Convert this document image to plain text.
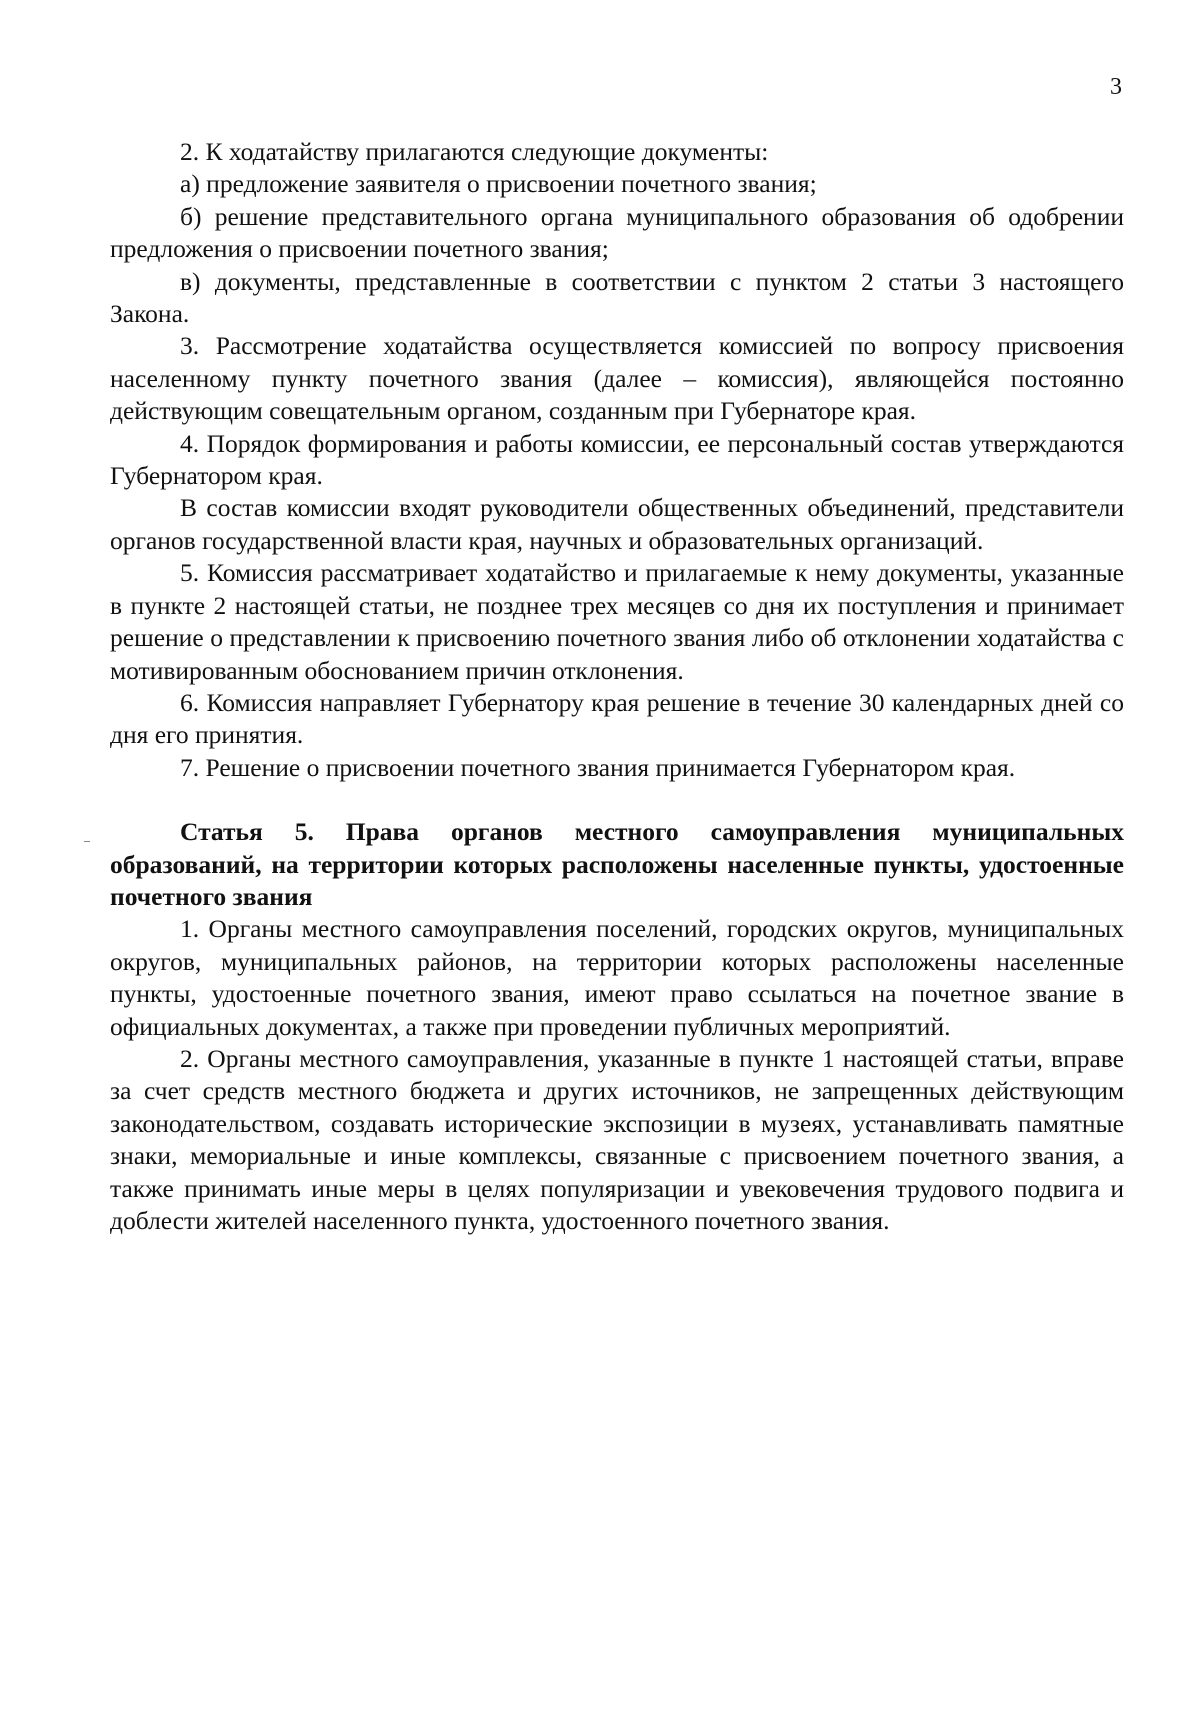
3

2. К ходатайству прилагаются следующие документы:

а) предложение заявителя о присвоении почетного звания;

б) решение представительного органа муниципального образования об одобрении предложения о присвоении почетного звания;

в) документы, представленные в соответствии с пунктом 2 статьи 3 настоящего Закона.

3. Рассмотрение ходатайства осуществляется комиссией по вопросу присвоения населенному пункту почетного звания (далее – комиссия), являющейся постоянно действующим совещательным органом, созданным при Губернаторе края.

4. Порядок формирования и работы комиссии, ее персональный состав утверждаются Губернатором края.

В состав комиссии входят руководители общественных объединений, представители органов государственной власти края, научных и образовательных организаций.

5. Комиссия рассматривает ходатайство и прилагаемые к нему документы, указанные в пункте 2 настоящей статьи, не позднее трех месяцев со дня их поступления и принимает решение о представлении к присвоению почетного звания либо об отклонении ходатайства с мотивированным обоснованием причин отклонения.

6. Комиссия направляет Губернатору края решение в течение 30 календарных дней со дня его принятия.

7. Решение о присвоении почетного звания принимается Губернатором края.

Статья 5. Права органов местного самоуправления муниципальных образований, на территории которых расположены населенные пункты, удостоенные почетного звания

1. Органы местного самоуправления поселений, городских округов, муниципальных округов, муниципальных районов, на территории которых расположены населенные пункты, удостоенные почетного звания, имеют право ссылаться на почетное звание в официальных документах, а также при проведении публичных мероприятий.

2. Органы местного самоуправления, указанные в пункте 1 настоящей статьи, вправе за счет средств местного бюджета и других источников, не запрещенных действующим законодательством, создавать исторические экспозиции в музеях, устанавливать памятные знаки, мемориальные и иные комплексы, связанные с присвоением почетного звания, а также принимать иные меры в целях популяризации и увековечения трудового подвига и доблести жителей населенного пункта, удостоенного почетного звания.
